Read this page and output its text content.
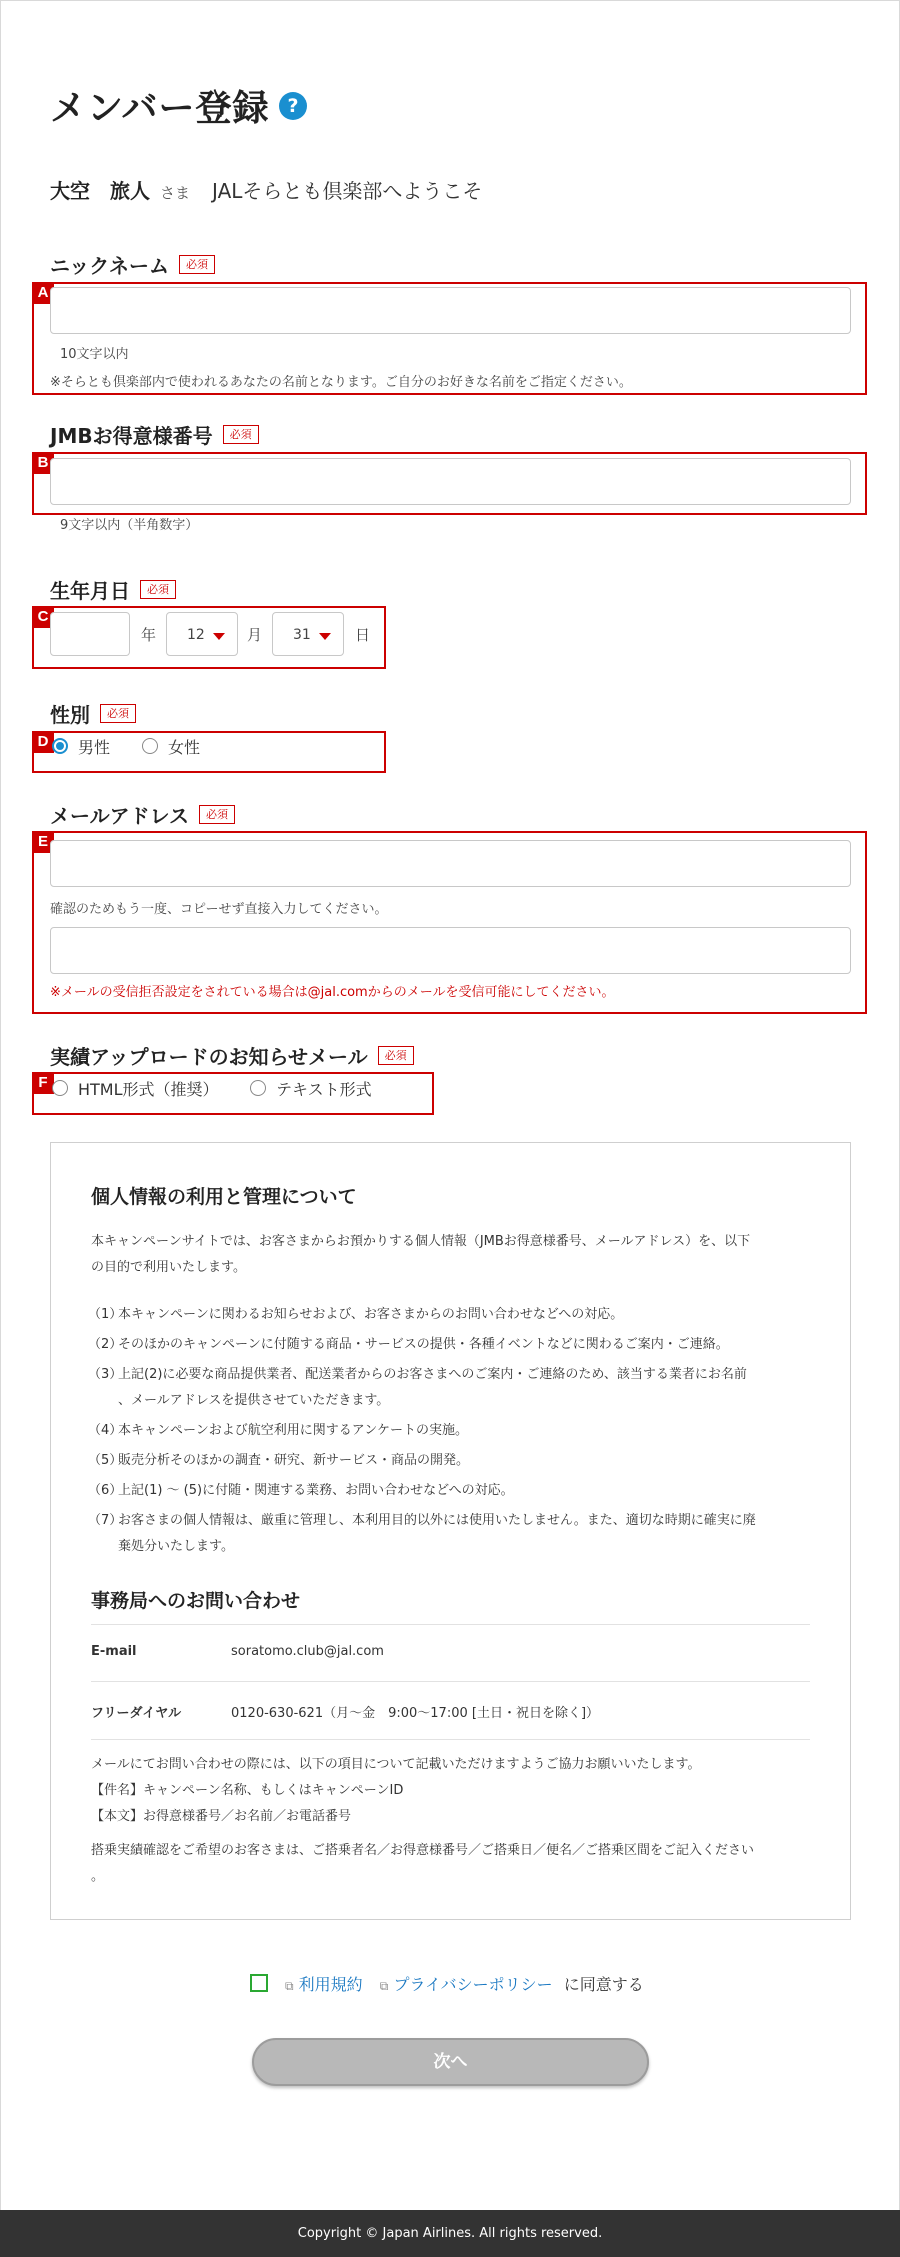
メンバー登録 ?
大空　旅人 さま JALそらとも倶楽部へようこそ
ニックネーム	必須
A
10文字以内
※そらとも倶楽部内で使われるあなたの名前となります。ご自分のお好きな名前をご指定ください。
JMBお得意様番号	必須
B
9文字以内（半角数字）
生年月日	必須
C
年 12	月 31	日
性別	必須
D	男性	女性
メールアドレス	必須
E
確認のためもう一度、コピーせず直接入力してください。
※メールの受信拒否設定をされている場合は@jal.comからのメールを受信可能にしてください。
実績アップロードのお知らせメール	必須
F	HTML形式（推奨）	テキスト形式
個人情報の利用と管理について
本キャンペーンサイトでは、お客さまからお預かりする個人情報（JMBお得意様番号、メールアドレス）を、以下
の目的で利用いたします。
（1）
本キャンペーンに関わるお知らせおよび、お客さまからのお問い合わせなどへの対応。
（2）
そのほかのキャンペーンに付随する商品・サービスの提供・各種イベントなどに関わるご案内・ご連絡。
（3）
上記(2)に必要な商品提供業者、配送業者からのお客さまへのご案内・ご連絡のため、該当する業者にお名前
、メールアドレスを提供させていただきます。
（4）
本キャンペーンおよび航空利用に関するアンケートの実施。
（5）
販売分析そのほかの調査・研究、新サービス・商品の開発。
（6）
上記(1) ～ (5)に付随・関連する業務、お問い合わせなどへの対応。
（7）
お客さまの個人情報は、厳重に管理し、本利用目的以外には使用いたしません。また、適切な時期に確実に廃
棄処分いたします。
事務局へのお問い合わせ
E-mail	soratomo.club@jal.com
フリーダイヤル	0120-630-621（月～金　9:00～17:00 [土日・祝日を除く]）
メールにてお問い合わせの際には、以下の項目について記載いただけますようご協力お願いいたします。
【件名】キャンペーン名称、もしくはキャンペーンID
【本文】お得意様番号／お名前／お電話番号
搭乗実績確認をご希望のお客さまは、ご搭乗者名／お得意様番号／ご搭乗日／便名／ご搭乗区間をご記入ください
。
⧉ 利用規約 ⧉ プライバシーポリシー に同意する
次へ
Copyright © Japan Airlines. All rights reserved.
